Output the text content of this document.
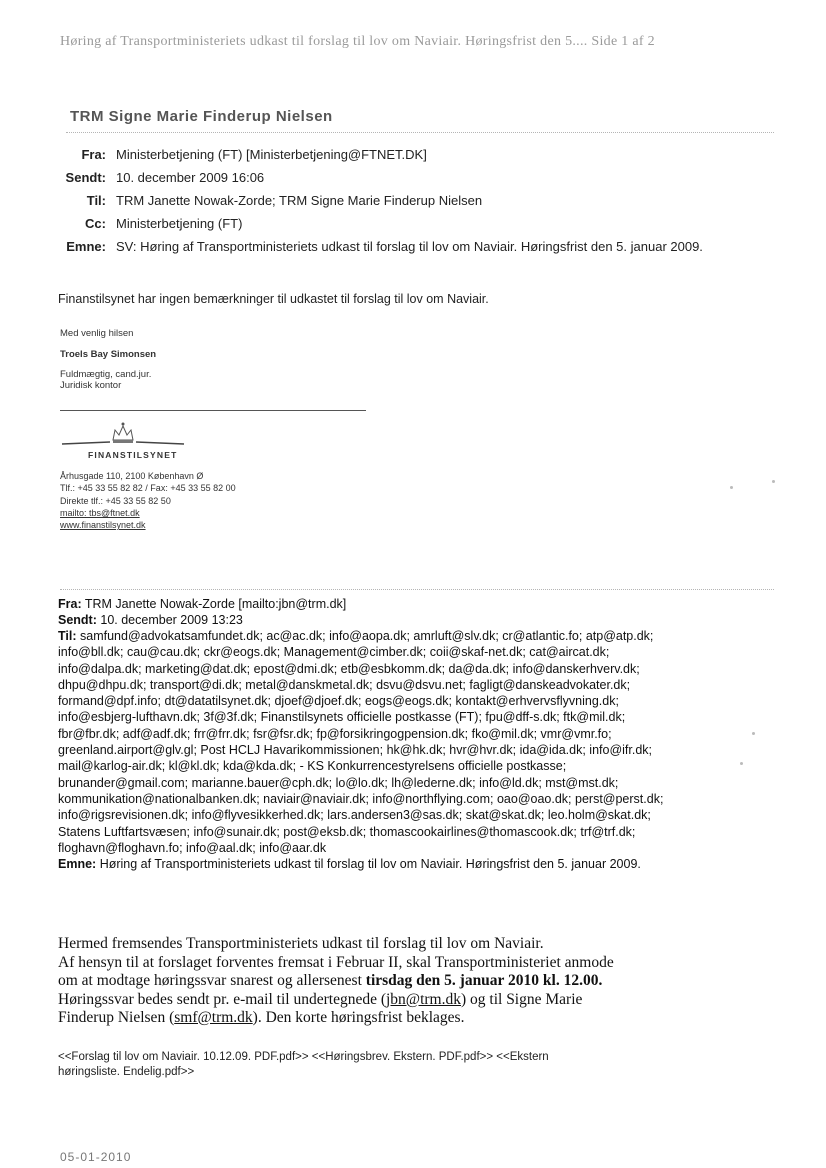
Høring af Transportministeriets udkast til forslag til lov om Naviair. Høringsfrist den 5.... Side 1 af 2
TRM Signe Marie Finderup Nielsen
Fra: Ministerbetjening (FT) [Ministerbetjening@FTNET.DK]
Sendt: 10. december 2009 16:06
Til: TRM Janette Nowak-Zorde; TRM Signe Marie Finderup Nielsen
Cc: Ministerbetjening (FT)
Emne: SV: Høring af Transportministeriets udkast til forslag til lov om Naviair. Høringsfrist den 5. januar 2009.
Finanstilsynet har ingen bemærkninger til udkastet til forslag til lov om Naviair.
Med venlig hilsen
Troels Bay Simonsen
Fuldmægtig, cand.jur.
Juridisk kontor
FINANSTILSYNET
Århusgade 110, 2100 København Ø
Tlf.: +45 33 55 82 82 / Fax: +45 33 55 82 00
Direkte tlf.: +45 33 55 82 50
mailto: tbs@ftnet.dk
www.finanstilsynet.dk
Fra: TRM Janette Nowak-Zorde [mailto:jbn@trm.dk]
Sendt: 10. december 2009 13:23
Til: samfund@advokatsamfundet.dk; ac@ac.dk; info@aopa.dk; amrluft@slv.dk; cr@atlantic.fo; atp@atp.dk;
info@bll.dk; cau@cau.dk; ckr@eogs.dk; Management@cimber.dk; coii@skaf-net.dk; cat@aircat.dk;
info@dalpa.dk; marketing@dat.dk; epost@dmi.dk; etb@esbkomm.dk; da@da.dk; info@danskerhverv.dk;
dhpu@dhpu.dk; transport@di.dk; metal@danskmetal.dk; dsvu@dsvu.net; fagligt@danskeadvokater.dk;
formand@dpf.info; dt@datatilsynet.dk; djoef@djoef.dk; eogs@eogs.dk; kontakt@erhvervsflyvning.dk;
info@esbjerg-lufthavn.dk; 3f@3f.dk; Finanstilsynets officielle postkasse (FT); fpu@dff-s.dk; ftk@mil.dk;
fbr@fbr.dk; adf@adf.dk; frr@frr.dk; fsr@fsr.dk; fp@forsikringogpension.dk; fko@mil.dk; vmr@vmr.fo;
greenland.airport@glv.gl; Post HCLJ Havarikommissionen; hk@hk.dk; hvr@hvr.dk; ida@ida.dk; info@ifr.dk;
mail@karlog-air.dk; kl@kl.dk; kda@kda.dk; - KS Konkurrencestyrelsens officielle postkasse;
brunander@gmail.com; marianne.bauer@cph.dk; lo@lo.dk; lh@lederne.dk; info@ld.dk; mst@mst.dk;
kommunikation@nationalbanken.dk; naviair@naviair.dk; info@northflying.com; oao@oao.dk; perst@perst.dk;
info@rigsrevisionen.dk; info@flyvesikkerhed.dk; lars.andersen3@sas.dk; skat@skat.dk; leo.holm@skat.dk;
Statens Luftfartsvæsen; info@sunair.dk; post@eksb.dk; thomascookairlines@thomascook.dk; trf@trf.dk;
floghavn@floghavn.fo; info@aal.dk; info@aar.dk
Emne: Høring af Transportministeriets udkast til forslag til lov om Naviair. Høringsfrist den 5. januar 2009.
Hermed fremsendes Transportministeriets udkast til forslag til lov om Naviair.
Af hensyn til at forslaget forventes fremsat i Februar II, skal Transportministeriet anmode
om at modtage høringssvar snarest og allersenest tirsdag den 5. januar 2010 kl. 12.00.
Høringssvar bedes sendt pr. e-mail til undertegnede (jbn@trm.dk) og til Signe Marie
Finderup Nielsen (smf@trm.dk). Den korte høringsfrist beklages.
<<Forslag til lov om Naviair. 10.12.09. PDF.pdf>> <<Høringsbrev. Ekstern. PDF.pdf>> <<Ekstern
høringsliste. Endelig.pdf>>
05-01-2010
